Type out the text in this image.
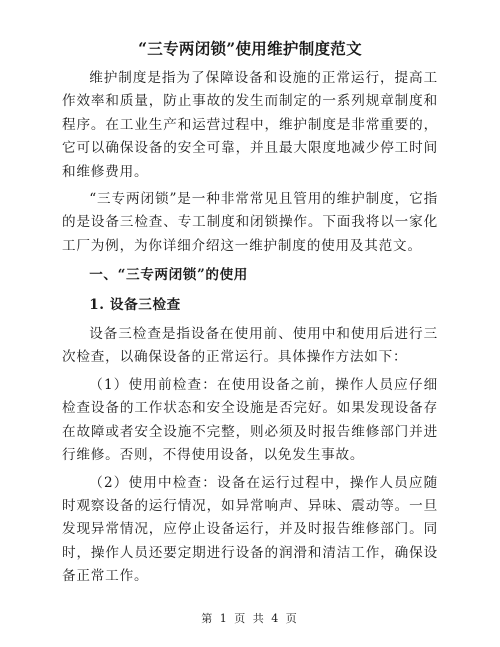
“三专两闭锁”使用维护制度范文

维护制度是指为了保障设备和设施的正常运行，提高工作效率和质量，防止事故的发生而制定的一系列规章制度和程序。在工业生产和运营过程中，维护制度是非常重要的，它可以确保设备的安全可靠，并且最大限度地减少停工时间和维修费用。

“三专两闭锁”是一种非常常见且管用的维护制度，它指的是设备三检查、专工制度和闭锁操作。下面我将以一家化工厂为例，为你详细介绍这一维护制度的使用及其范文。

一、“三专两闭锁”的使用
1. 设备三检查

设备三检查是指设备在使用前、使用中和使用后进行三次检查，以确保设备的正常运行。具体操作方法如下：

（1）使用前检查：在使用设备之前，操作人员应仔细检查设备的工作状态和安全设施是否完好。如果发现设备存在故障或者安全设施不完整，则必须及时报告维修部门并进行维修。否则，不得使用设备，以免发生事故。

（2）使用中检查：设备在运行过程中，操作人员应随时观察设备的运行情况，如异常响声、异味、震动等。一旦发现异常情况，应停止设备运行，并及时报告维修部门。同时，操作人员还要定期进行设备的润滑和清洁工作，确保设备正常工作。

第 1 页 共 4 页
